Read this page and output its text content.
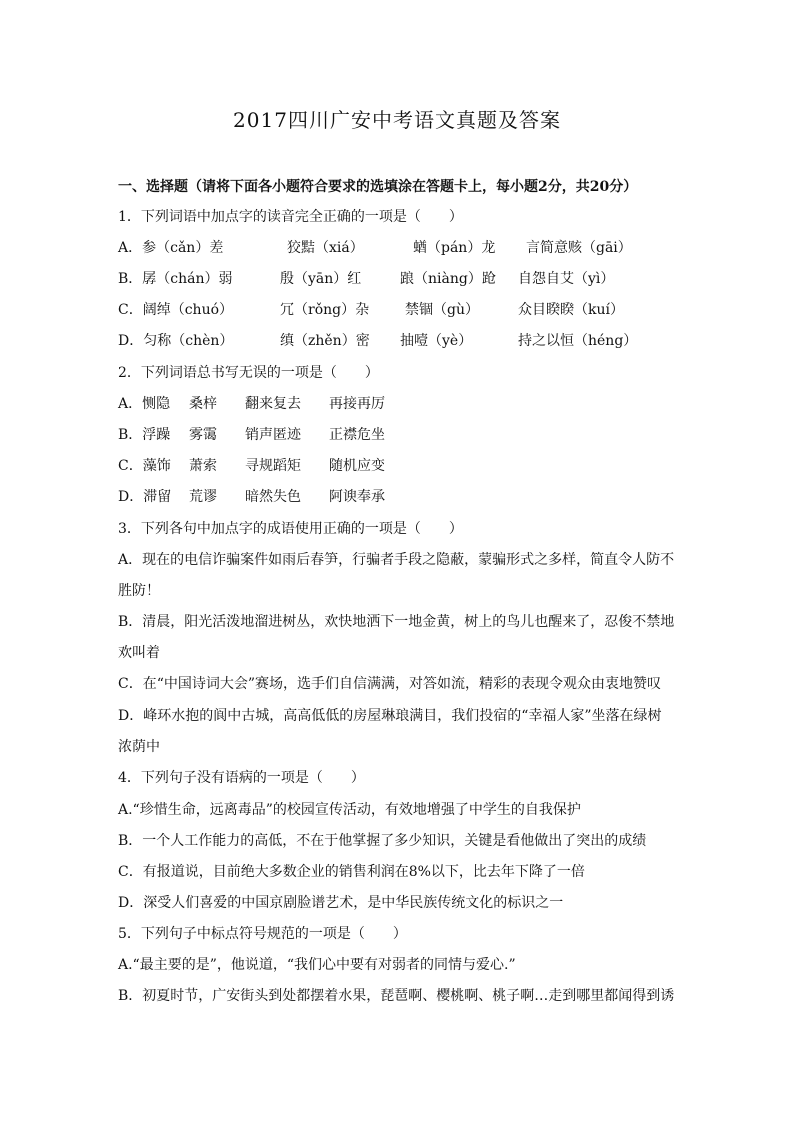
2017四川广安中考语文真题及答案
一、选择题（请将下面各小题符合要求的选填涂在答题卡上，每小题2分，共20分）
1．下列词语中加点字的读音完全正确的一项是（　　）
A．参（cǎn）差	狡黠（xiá）	蝤（pán）龙 言简意赅（gāi）
B．孱（chán）弱	殷（yān）红	踉（niàng）跄 自怨自艾（yì）
C．阔绰（chuó）	冗（rǒng）杂	禁锢（gù）	众目睽睽（kuí）
D．匀称（chèn）	缜（zhěn）密 抽噎（yè）	持之以恒（héng）
2．下列词语总书写无误的一项是（　　）
A．恻隐 桑梓 翻来复去 再接再厉
B．浮躁 雾霭 销声匿迹 正襟危坐
C．藻饰 萧索 寻规蹈矩 随机应变
D．滞留 荒谬 暗然失色 阿谀奉承
3．下列各句中加点字的成语使用正确的一项是（　　）
A．现在的电信诈骗案件如雨后春笋，行骗者手段之隐蔽，蒙骗形式之多样，简直令人防不
胜防！
B．清晨，阳光活泼地溜进树丛，欢快地洒下一地金黄，树上的鸟儿也醒来了，忍俊不禁地
欢叫着
C．在“中国诗词大会”赛场，选手们自信满满，对答如流，精彩的表现令观众由衷地赞叹
D．峰环水抱的阆中古城，高高低低的房屋琳琅满目，我们投宿的“幸福人家”坐落在绿树
浓荫中
4．下列句子没有语病的一项是（　　）
A.“珍惜生命，远离毒品”的校园宣传活动，有效地增强了中学生的自我保护
B．一个人工作能力的高低，不在于他掌握了多少知识，关键是看他做出了突出的成绩
C．有报道说，目前绝大多数企业的销售利润在8%以下，比去年下降了一倍
D．深受人们喜爱的中国京剧脸谱艺术，是中华民族传统文化的标识之一
5．下列句子中标点符号规范的一项是（　　）
A.“最主要的是”，他说道，“我们心中要有对弱者的同情与爱心.”
B．初夏时节，广安街头到处都摆着水果，琵琶啊、樱桃啊、桃子啊…走到哪里都闻得到诱
